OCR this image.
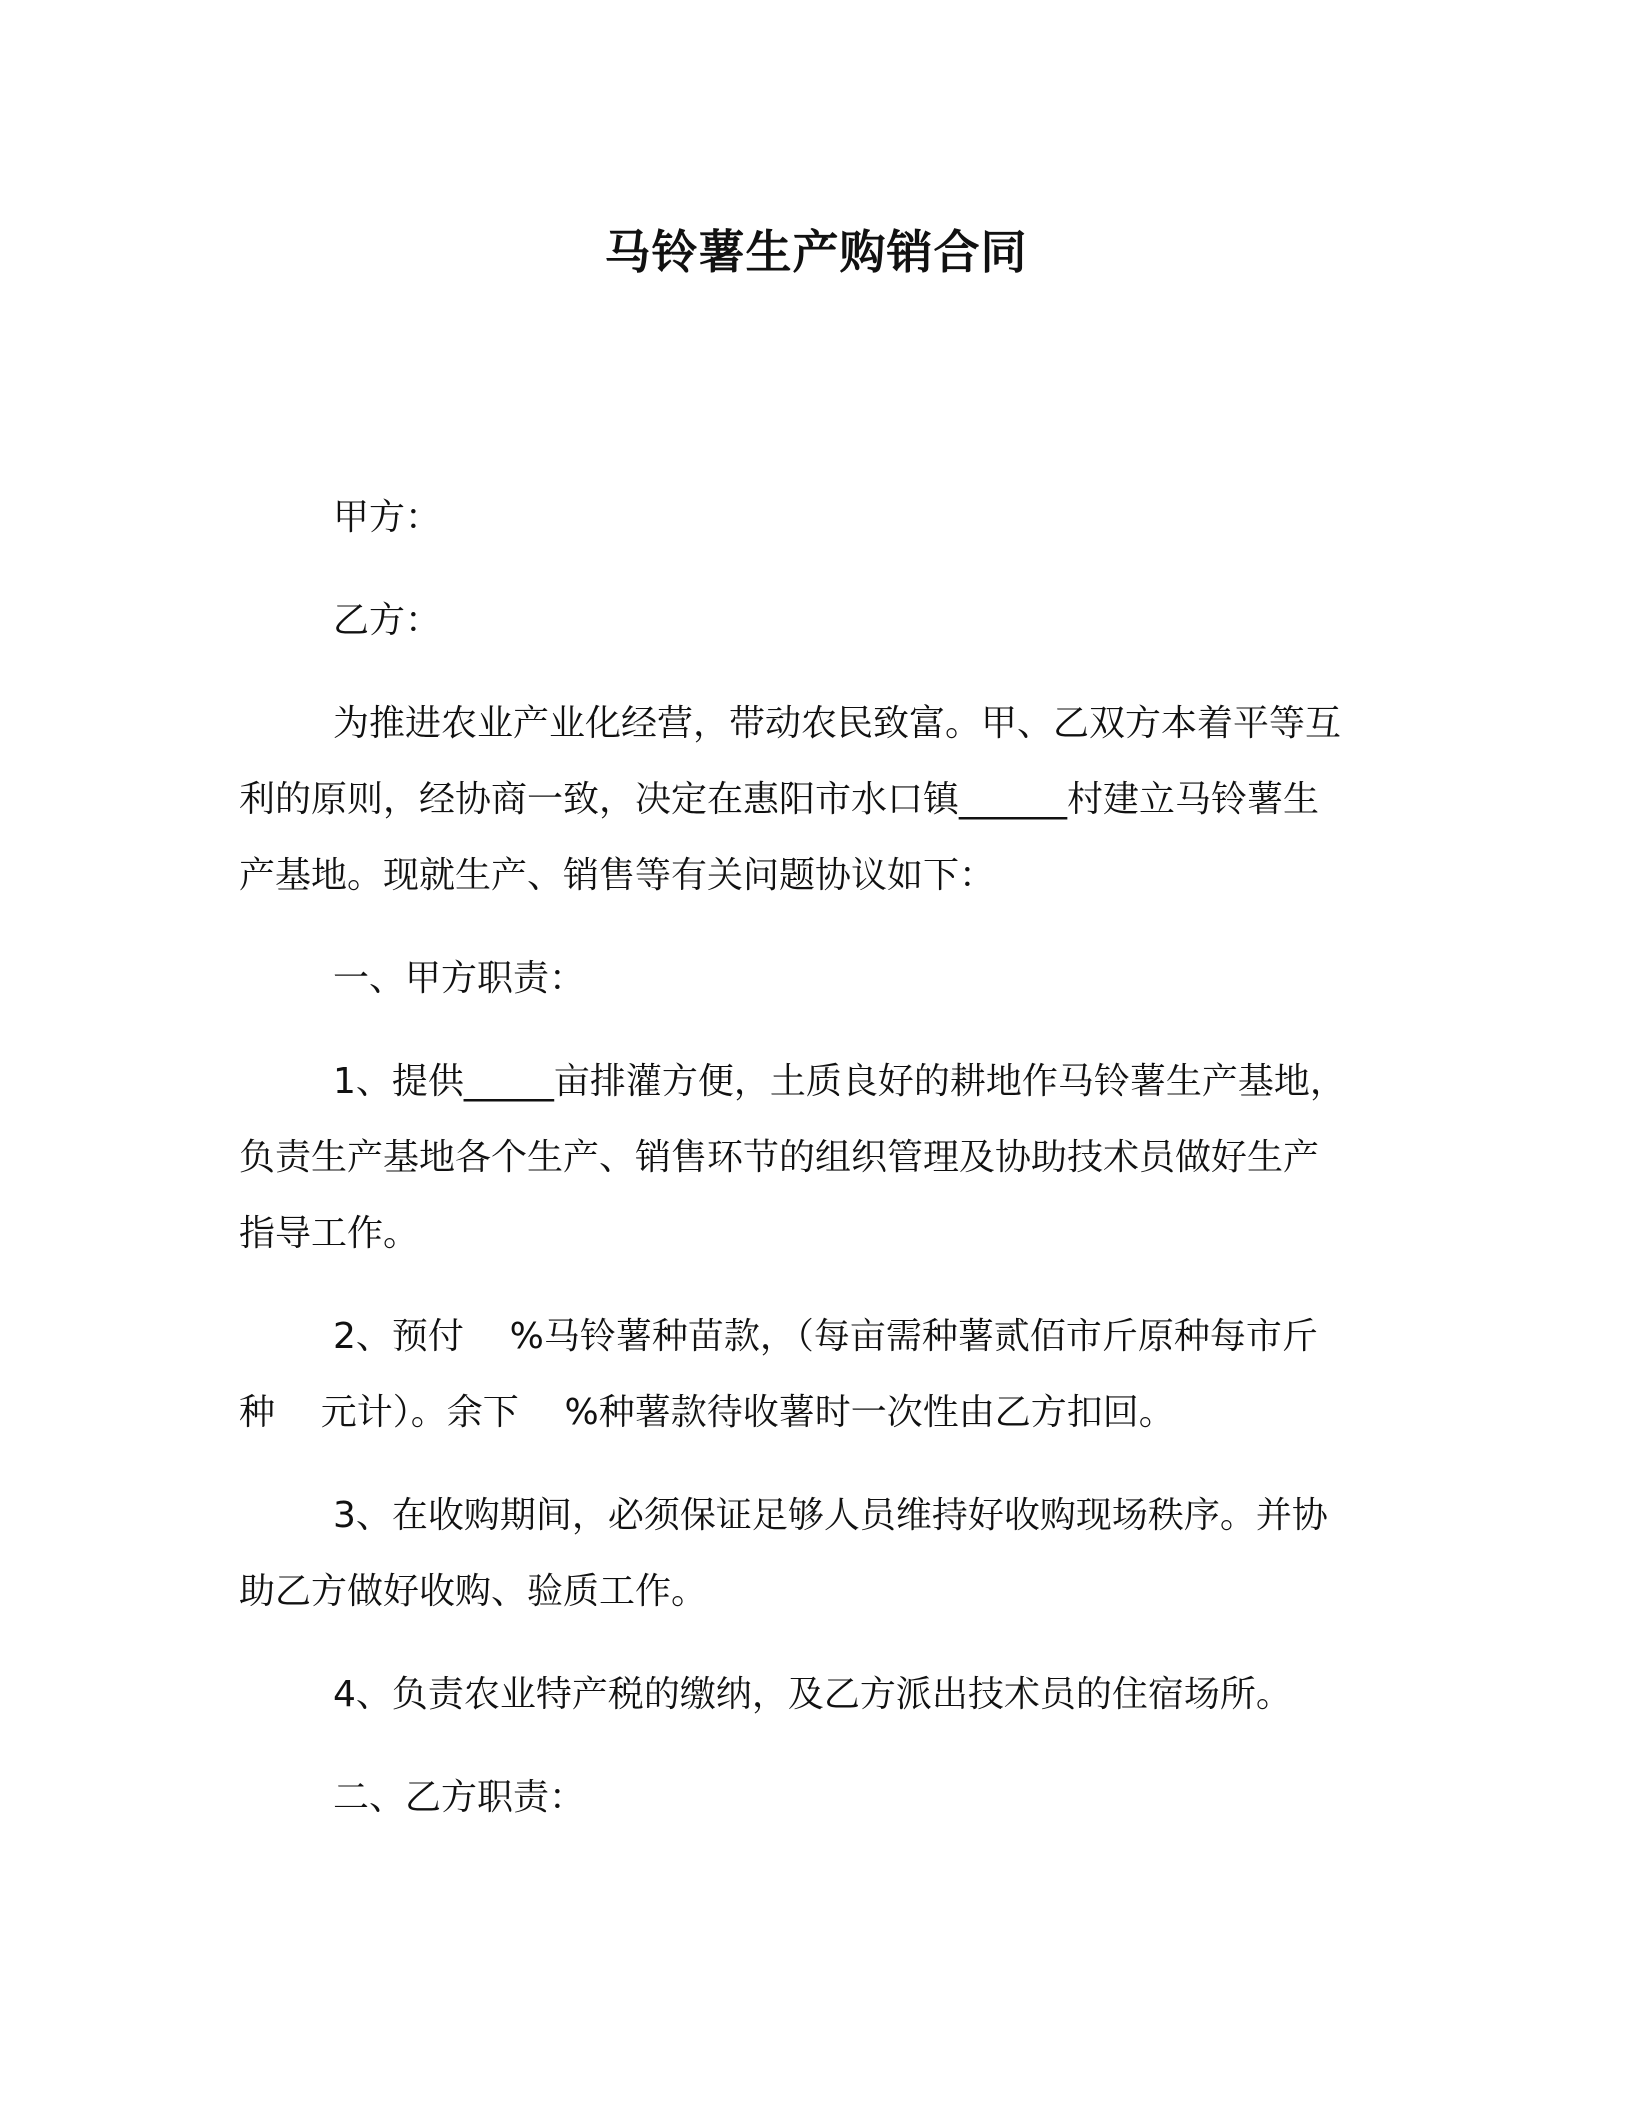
马铃薯生产购销合同

甲方：

乙方：

为推进农业产业化经营，带动农民致富。甲、乙双方本着平等互

利的原则，经协商一致，决定在惠阳市水口镇______村建立马铃薯生

产基地。现就生产、销售等有关问题协议如下：

一、甲方职责：

1、提供_____亩排灌方便，土质良好的耕地作马铃薯生产基地，

负责生产基地各个生产、销售环节的组织管理及协助技术员做好生产

指导工作。

2、预付    %马铃薯种苗款，（每亩需种薯贰佰市斤原种每市斤

种    元计）。余下    %种薯款待收薯时一次性由乙方扣回。

3、在收购期间，必须保证足够人员维持好收购现场秩序。并协

助乙方做好收购、验质工作。

4、负责农业特产税的缴纳，及乙方派出技术员的住宿场所。

二、乙方职责：
